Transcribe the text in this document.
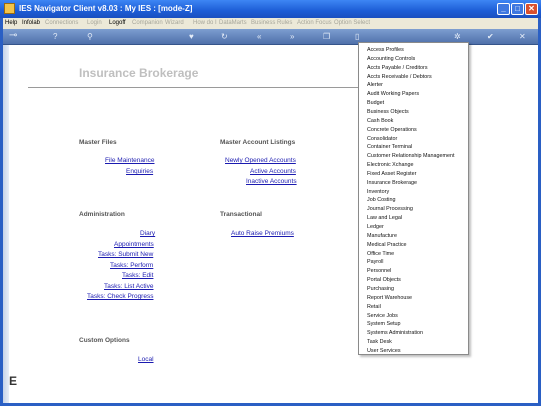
IES Navigator Client v8.03 : My IES : [mode-Z]	_	□	✕
Help Infolab Connections Login Logoff Companion Wizard How do I DataMarts Business Rules Action Focus Option Select
⊸	?	⚲	♥	↻	«	»	❐	▯	✲	✔	✕
Insurance Brokerage
Master Files
File Maintenance
Enquiries
Master Account Listings
Newly Opened Accounts
Active Accounts
Inactive Accounts
Administration
Diary
Appointments
Tasks: Submit New
Tasks: Perform
Tasks: Edit
Tasks: List Active
Tasks: Check Progress
Transactional
Auto Raise Premiums
Custom Options
Local
E
Access Profiles
Accounting Controls
Accts Payable / Creditors
Accts Receivable / Debtors
Alerter
Audit Working Papers
Budget
Business Objects
Cash Book
Concrete Operations
Consolidator
Container Terminal
Customer Relationship Management
Electronic Xchange
Fixed Asset Register
Insurance Brokerage
Inventory
Job Costing
Journal Processing
Law and Legal
Ledger
Manufacture
Medical Practice
Office Time
Payroll
Personnel
Portal Objects
Purchasing
Report Warehouse
Retail
Service Jobs
System Setup
Systems Administration
Task Desk
User Services
